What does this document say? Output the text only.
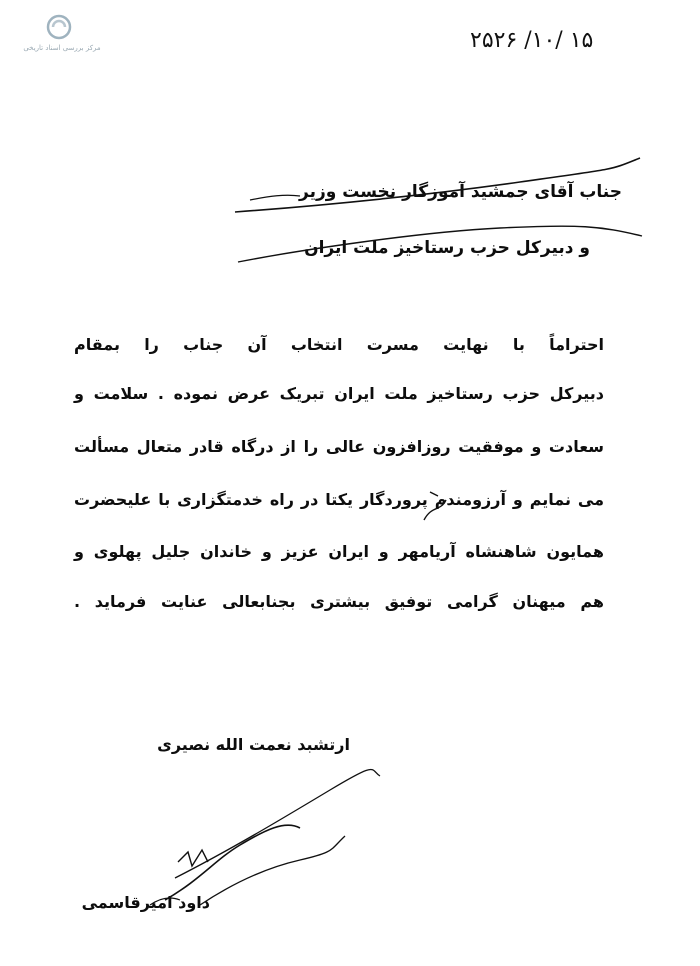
مرکز بررسی اسناد تاریخی	۲۵۲۶ /۱۰/ ۱۵
جناب آقای جمشید آموزگار نخست وزیر
و دبیرکل حزب رستاخیز ملت ایران
احتراماً با نهایت مسرت انتخاب آن جناب را بمقام
دبیرکل حزب رستاخیز ملت ایران تبریک عرض نموده . سلامت و
سعادت و موفقیت روزافزون عالی را از درگاه قادر متعال مسألت
می نمایم و آرزومندم پروردگار یکتا در راه خدمتگزاری با علیحضرت
همایون شاهنشاه آریامهر و ایران عزیز و خاندان جلیل پهلوی و
هم میهنان گرامی توفیق بیشتری بجنابعالی عنایت فرماید .
ارتشبد نعمت الله نصیری
داود امیرقاسمی
